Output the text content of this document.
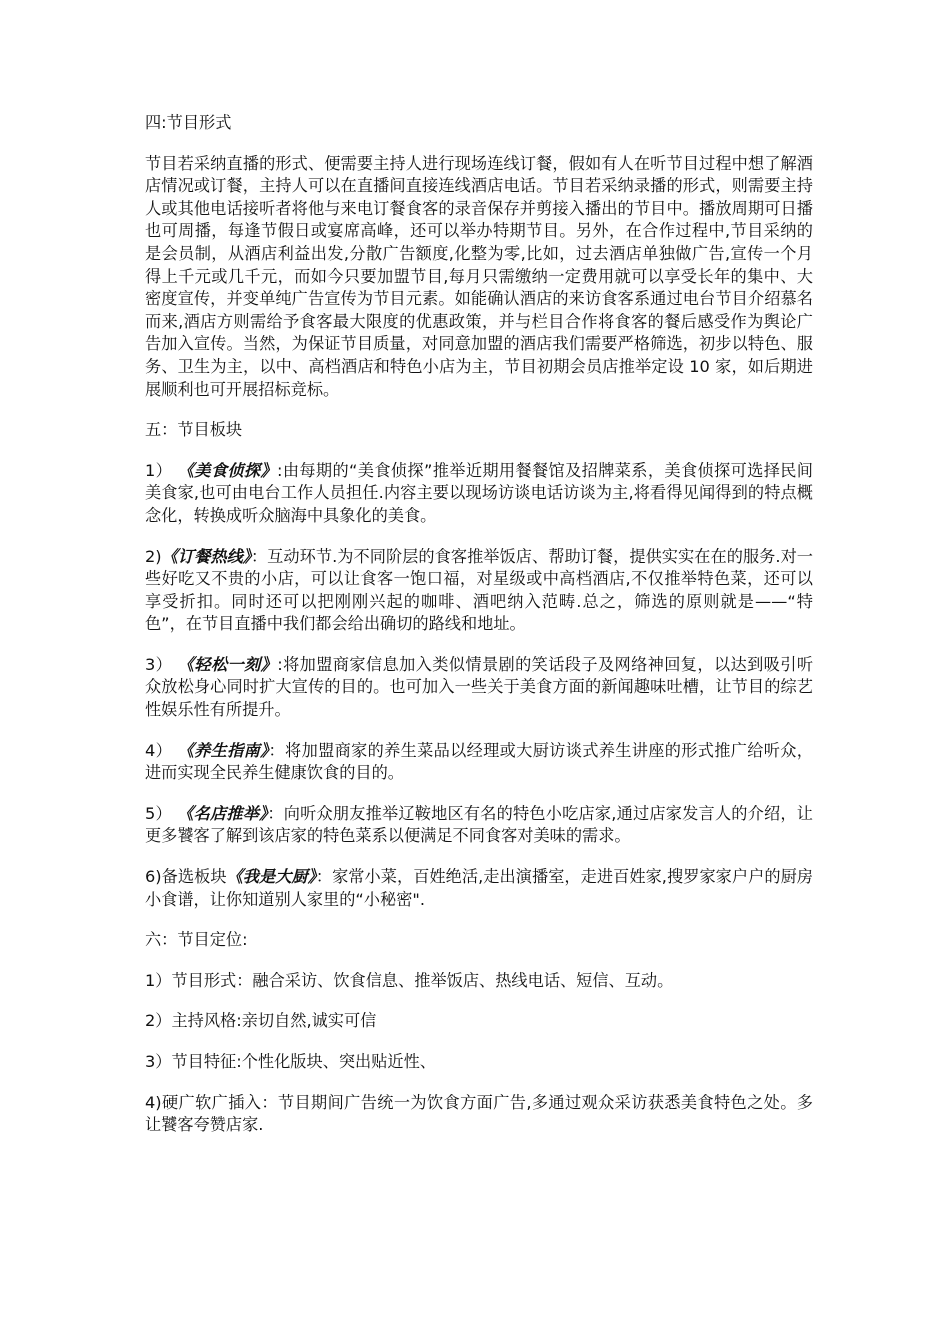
四:节目形式

节目若采纳直播的形式、便需要主持人进行现场连线订餐，假如有人在听节目过程中想了解酒店情况或订餐，主持人可以在直播间直接连线酒店电话。节目若采纳录播的形式，则需要主持人或其他电话接听者将他与来电订餐食客的录音保存并剪接入播出的节目中。播放周期可日播也可周播，每逢节假日或宴席高峰，还可以举办特期节目。另外，在合作过程中,节目采纳的是会员制，从酒店利益出发,分散广告额度,化整为零,比如，过去酒店单独做广告,宣传一个月得上千元或几千元，而如今只要加盟节目,每月只需缴纳一定费用就可以享受长年的集中、大密度宣传，并变单纯广告宣传为节目元素。如能确认酒店的来访食客系通过电台节目介绍慕名而来,酒店方则需给予食客最大限度的优惠政策，并与栏目合作将食客的餐后感受作为舆论广告加入宣传。当然，为保证节目质量，对同意加盟的酒店我们需要严格筛选，初步以特色、服务、卫生为主，以中、高档酒店和特色小店为主，节目初期会员店推举定设 10 家，如后期进展顺利也可开展招标竞标。

五：节目板块

1） 《美食侦探》:由每期的“美食侦探”推举近期用餐餐馆及招牌菜系，美食侦探可选择民间美食家,也可由电台工作人员担任.内容主要以现场访谈电话访谈为主,将看得见闻得到的特点概念化，转换成听众脑海中具象化的美食。

2)《订餐热线》：互动环节.为不同阶层的食客推举饭店、帮助订餐，提供实实在在的服务.对一些好吃又不贵的小店，可以让食客一饱口福，对星级或中高档酒店,不仅推举特色菜，还可以享受折扣。同时还可以把刚刚兴起的咖啡、酒吧纳入范畴.总之，筛选的原则就是——“特色”，在节目直播中我们都会给出确切的路线和地址。

3） 《轻松一刻》:将加盟商家信息加入类似情景剧的笑话段子及网络神回复，以达到吸引听众放松身心同时扩大宣传的目的。也可加入一些关于美食方面的新闻趣味吐槽，让节目的综艺性娱乐性有所提升。

4） 《养生指南》：将加盟商家的养生菜品以经理或大厨访谈式养生讲座的形式推广给听众，进而实现全民养生健康饮食的目的。

5） 《名店推举》：向听众朋友推举辽鞍地区有名的特色小吃店家,通过店家发言人的介绍，让更多饕客了解到该店家的特色菜系以便满足不同食客对美味的需求。

6)备选板块《我是大厨》：家常小菜，百姓绝活,走出演播室，走进百姓家,搜罗家家户户的厨房小食谱，让你知道别人家里的“小秘密".

六：节目定位:

1）节目形式：融合采访、饮食信息、推举饭店、热线电话、短信、互动。

2）主持风格:亲切自然,诚实可信

3）节目特征:个性化版块、突出贴近性、

4)硬广软广插入：节目期间广告统一为饮食方面广告,多通过观众采访获悉美食特色之处。多让饕客夸赞店家.
